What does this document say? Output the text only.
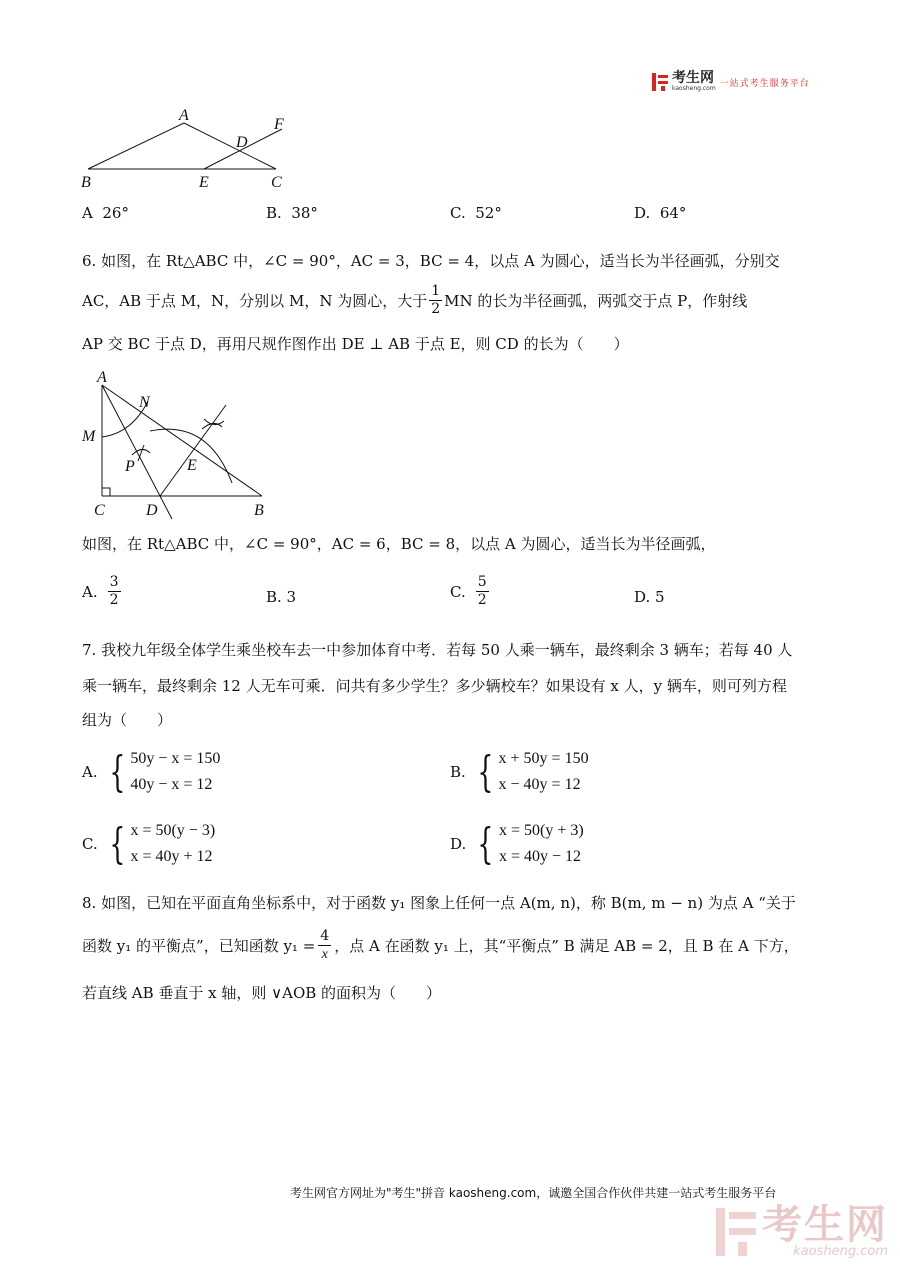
考生网
kaosheng.com 一站式考生服务平台
A
D
F
B	E	C
A 26°	B. 38°	C. 52°	D. 64°
6. 如图，在 Rt△ABC 中，∠C = 90°，AC = 3，BC = 4，以点 A 为圆心，适当长为半径画弧，分别交
AC，AB 于点 M，N，分别以 M，N 为圆心，大于 $\frac{1}{2}$ MN 的长为半径画弧，两弧交于点 P，作射线
AP 交 BC 于点 D，再用尺规作图作出 DE ⊥ AB 于点 E，则 CD 的长为（　　）
A
N
M
P	E
C	D	B
如图，在 Rt△ABC 中，∠C = 90°，AC = 6，BC = 8，以点 A 为圆心，适当长为半径画弧，
A. $\frac{3}{2}$	B. 3	C. $\frac{5}{2}$	D. 5
7. 我校九年级全体学生乘坐校车去一中参加体育中考．若每 50 人乘一辆车，最终剩余 3 辆车；若每 40 人
乘一辆车，最终剩余 12 人无车可乘．问共有多少学生？多少辆校车？如果设有 x 人，y 辆车，则可列方程
组为（　　）
A. { 50y − x = 150
40y − x = 12
B. { x + 50y = 150
x − 40y = 12
C. { x = 50(y − 3)
x = 40y + 12
D. { x = 50(y + 3)
x = 40y − 12
8. 如图，已知在平面直角坐标系中，对于函数 y₁ 图象上任何一点 A(m, n)，称 B(m, m − n) 为点 A “关于
函数 y₁ 的平衡点”，已知函数 $y_1 = \frac{4}{x}$ ，点 A 在函数 y₁ 上，其“平衡点” B 满足 AB = 2，且 B 在 A 下方，
若直线 AB 垂直于 x 轴，则 ∨AOB 的面积为（　　）
考生网官方网址为"考生"拼音 kaosheng.com，诚邀全国合作伙伴共建一站式考生服务平台
考生网
kaosheng.com
